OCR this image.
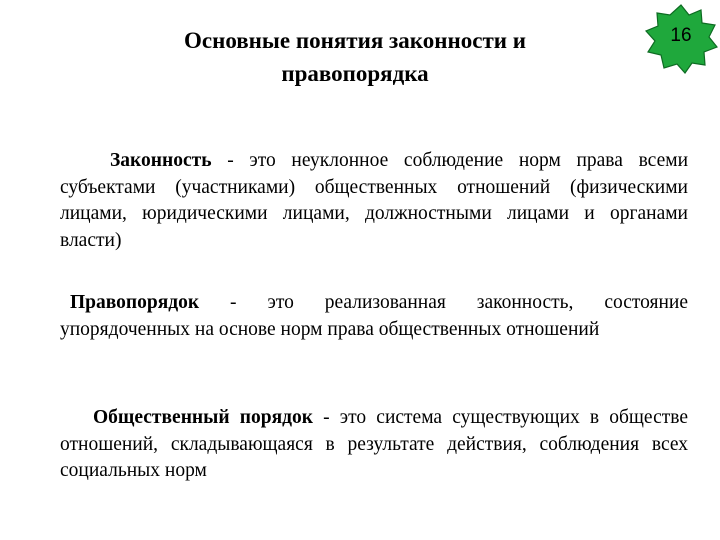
Основные понятия законности и
правопорядка
16

Законность - это неуклонное соблюдение норм права всеми субъектами (участниками) общественных отношений (физическими лицами, юридическими лицами, должностными лицами и органами власти)

Правопорядок - это реализованная законность, состояние упорядоченных на основе норм права общественных отношений

Общественный порядок - это система существующих в обществе отношений, складывающаяся в результате действия, соблюдения всех социальных норм
